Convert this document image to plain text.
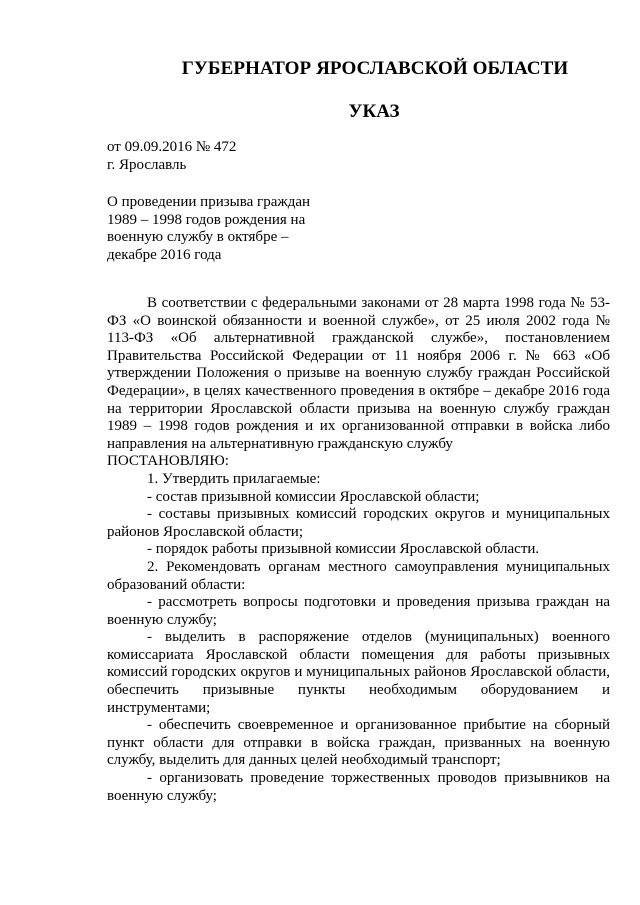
ГУБЕРНАТОР ЯРОСЛАВСКОЙ ОБЛАСТИ
УКАЗ
от 09.09.2016 № 472
г. Ярославль
О проведении призыва граждан
1989 – 1998 годов рождения на
военную службу в октябре –
декабре 2016 года

В соответствии с федеральными законами от 28 марта 1998 года № 53-ФЗ «О воинской обязанности и военной службе», от 25 июля 2002 года № 113-ФЗ «Об альтернативной гражданской службе», постановлением Правительства Российской Федерации от 11 ноября 2006 г. № 663 «Об утверждении Положения о призыве на военную службу граждан Российской Федерации», в целях качественного проведения в октябре – декабре 2016 года на территории Ярославской области призыва на военную службу граждан 1989 – 1998 годов рождения и их организованной отправки в войска либо направления на альтернативную гражданскую службу

ПОСТАНОВЛЯЮ:

1. Утвердить прилагаемые:

- состав призывной комиссии Ярославской области;

- составы призывных комиссий городских округов и муниципальных районов Ярославской области;

- порядок работы призывной комиссии Ярославской области.

2. Рекомендовать органам местного самоуправления муниципальных образований области:

- рассмотреть вопросы подготовки и проведения призыва граждан на военную службу;

- выделить в распоряжение отделов (муниципальных) военного комиссариата Ярославской области помещения для работы призывных комиссий городских округов и муниципальных районов Ярославской области, обеспечить призывные пункты необходимым оборудованием и инструментами;

- обеспечить своевременное и организованное прибытие на сборный пункт области для отправки в войска граждан, призванных на военную службу, выделить для данных целей необходимый транспорт;

- организовать проведение торжественных проводов призывников на военную службу;
